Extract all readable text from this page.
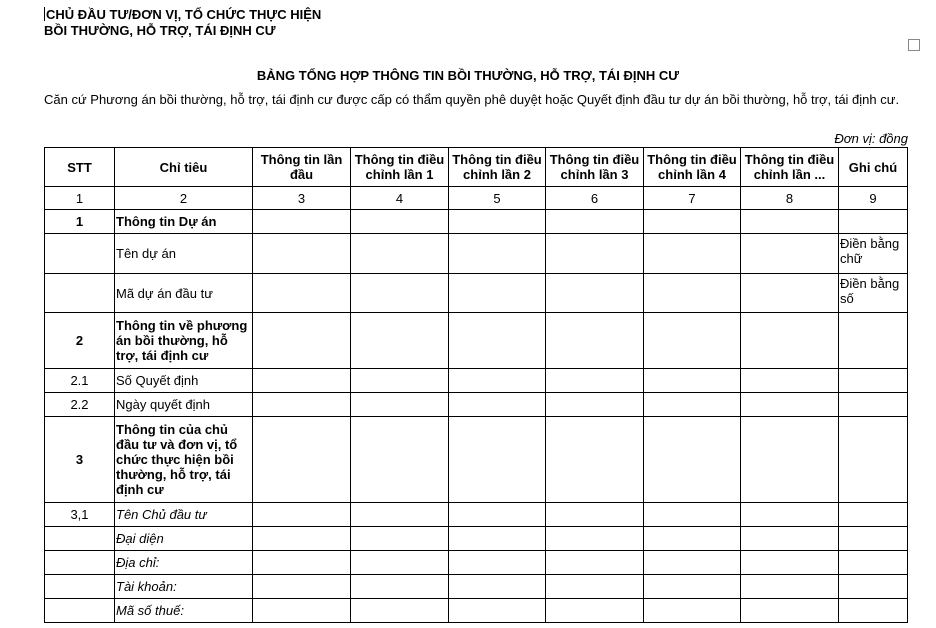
CHỦ ĐẦU TƯ/ĐƠN VỊ, TỔ CHỨC THỰC HIỆN
BỒI THƯỜNG, HỖ TRỢ, TÁI ĐỊNH CƯ
BẢNG TỔNG HỢP THÔNG TIN BỒI THƯỜNG, HỖ TRỢ, TÁI ĐỊNH CƯ
Căn cứ Phương án bồi thường, hỗ trợ, tái định cư được cấp có thẩm quyền phê duyệt hoặc Quyết định đầu tư dự án bồi thường, hỗ trợ, tái định cư.
Đơn vị: đồng
STT	Chỉ tiêu	Thông tin lần đầu	Thông tin điều chỉnh lần 1	Thông tin điều chỉnh lần 2	Thông tin điều chỉnh lần 3	Thông tin điều chỉnh lần 4	Thông tin điều chỉnh lần ...	Ghi chú
1	2	3	4	5	6	7	8	9
1	Thông tin Dự án							
	Tên dự án							Điền bằng chữ
	Mã dự án đầu tư							Điền bằng số
2	Thông tin về phương án bồi thường, hỗ trợ, tái định cư							
2.1	Số Quyết định							
2.2	Ngày quyết định							
3	Thông tin của chủ đầu tư và đơn vị, tổ chức thực hiện bồi thường, hỗ trợ, tái định cư							
3,1	Tên Chủ đầu tư							
	Đại diện							
	Địa chỉ:							
	Tài khoản:							
	Mã số thuế:							
